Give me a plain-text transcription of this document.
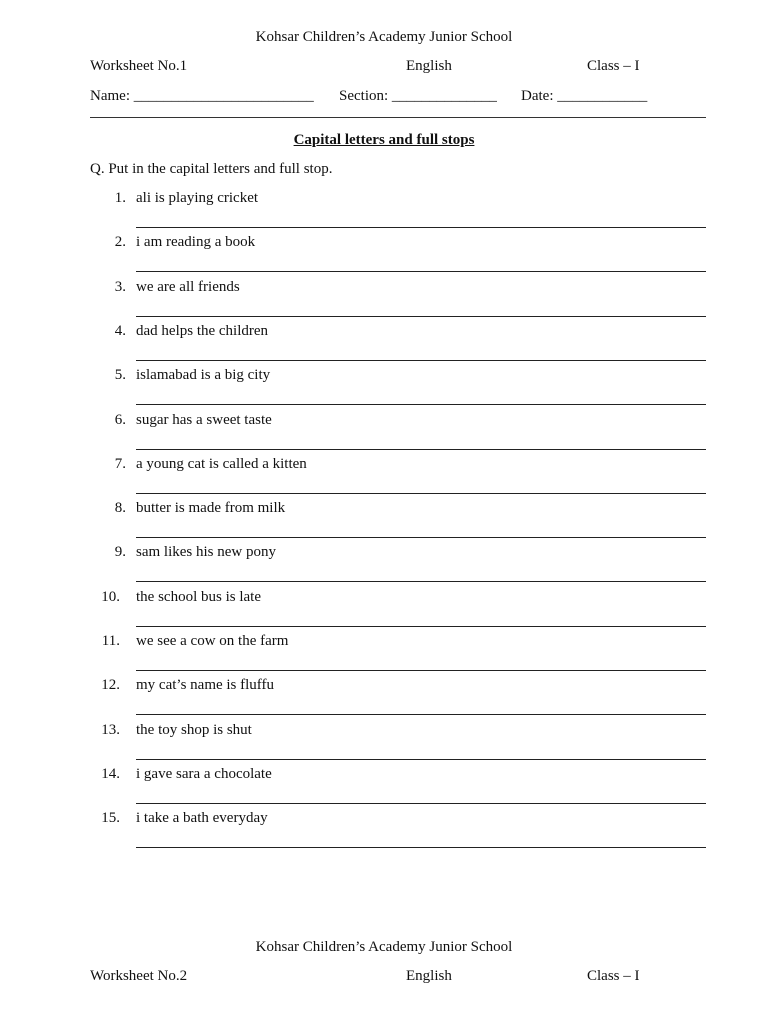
Kohsar Children’s Academy Junior School
Worksheet No.1	English	Class – I
Name: ________________________ Section: ______________ Date: ____________
Capital letters and full stops
Q. Put in the capital letters and full stop.
1. ali is playing cricket
2. i am reading a book
3. we are all friends
4. dad helps the children
5. islamabad is a big city
6. sugar has a sweet taste
7. a young cat is called a kitten
8. butter is made from milk
9. sam likes his new pony
10. the school bus is late
11. we see a cow on the farm
12. my cat’s name is fluffu
13. the toy shop is shut
14. i gave sara a chocolate
15. i take a bath everyday
Kohsar Children’s Academy Junior School
Worksheet No.2	English	Class – I
